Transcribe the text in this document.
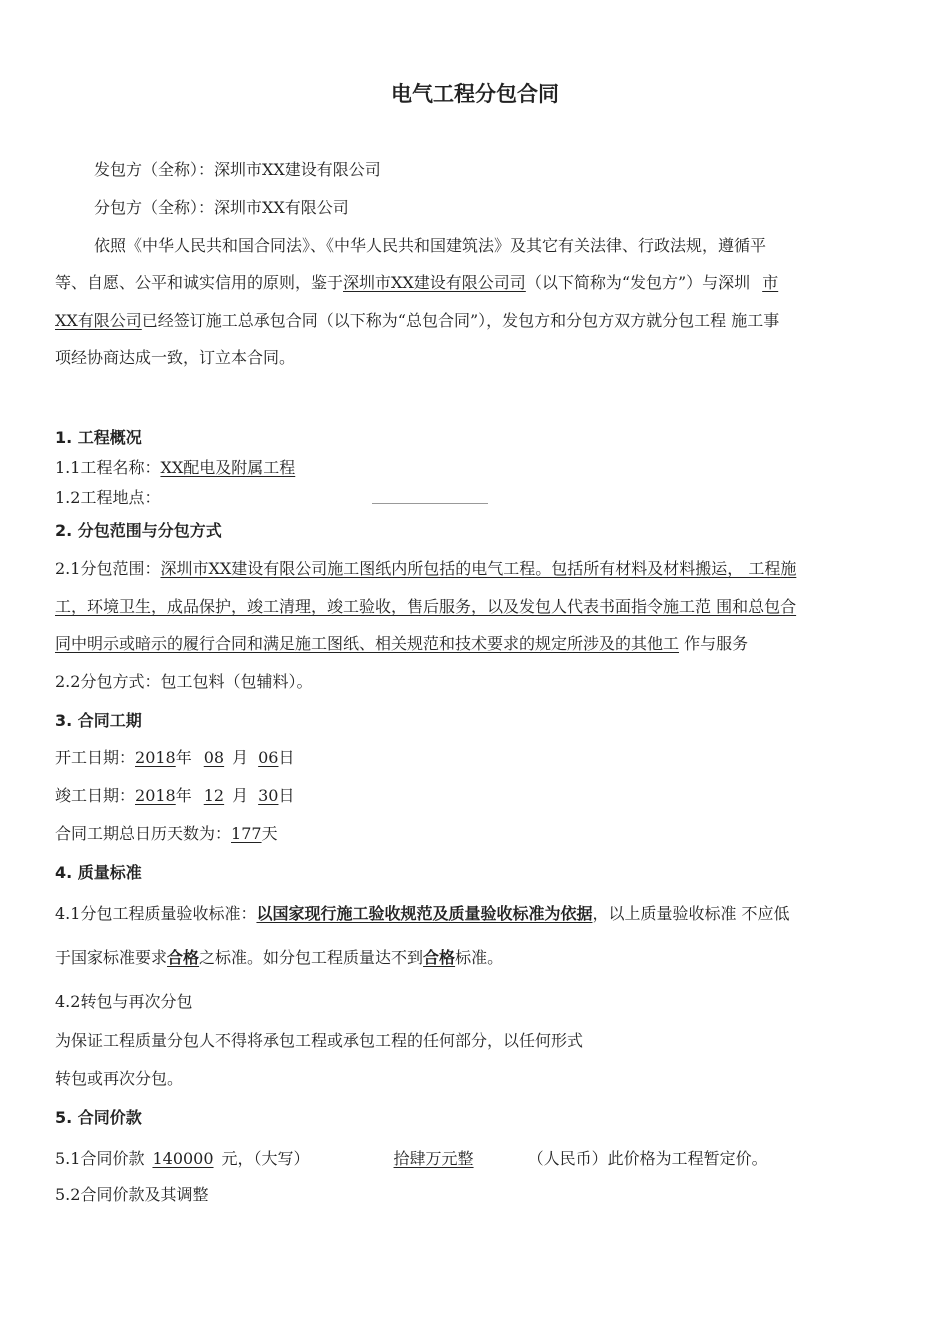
电气工程分包合同
发包方（全称）：深圳市XX建设有限公司
分包方（全称）：深圳市XX有限公司
依照《中华人民共和国合同法》、《中华人民共和国建筑法》及其它有关法律、行政法规，遵循平
等、自愿、公平和诚实信用的原则，鉴于深圳市XX建设有限公司司（以下简称为“发包方”）与深圳 市
XX有限公司已经签订施工总承包合同（以下称为“总包合同”），发包方和分包方双方就分包工程 施工事
项经协商达成一致，订立本合同。
1. 工程概况
1.1工程名称：XX配电及附属工程
1.2工程地点：
2. 分包范围与分包方式
2.1分包范围：深圳市XX建设有限公司施工图纸内所包括的电气工程。包括所有材料及材料搬运， 工程施
工，环境卫生，成品保护，竣工清理，竣工验收，售后服务，以及发包人代表书面指令施工范 围和总包合
同中明示或暗示的履行合同和满足施工图纸、相关规范和技术要求的规定所涉及的其他工 作与服务
2.2分包方式：包工包料（包辅料）。
3. 合同工期
开工日期：2018年 08 月 06日
竣工日期：2018年 12 月 30日
合同工期总日历天数为：177天
4. 质量标准
4.1分包工程质量验收标准：以国家现行施工验收规范及质量验收标准为依据，以上质量验收标准 不应低
于国家标准要求合格之标准。如分包工程质量达不到合格标准。
4.2转包与再次分包
为保证工程质量分包人不得将承包工程或承包工程的任何部分，以任何形式
转包或再次分包。
5. 合同价款
5.1合同价款 140000 元，（大写）	拾肆万元整	（人民币）此价格为工程暂定价。
5.2合同价款及其调整
